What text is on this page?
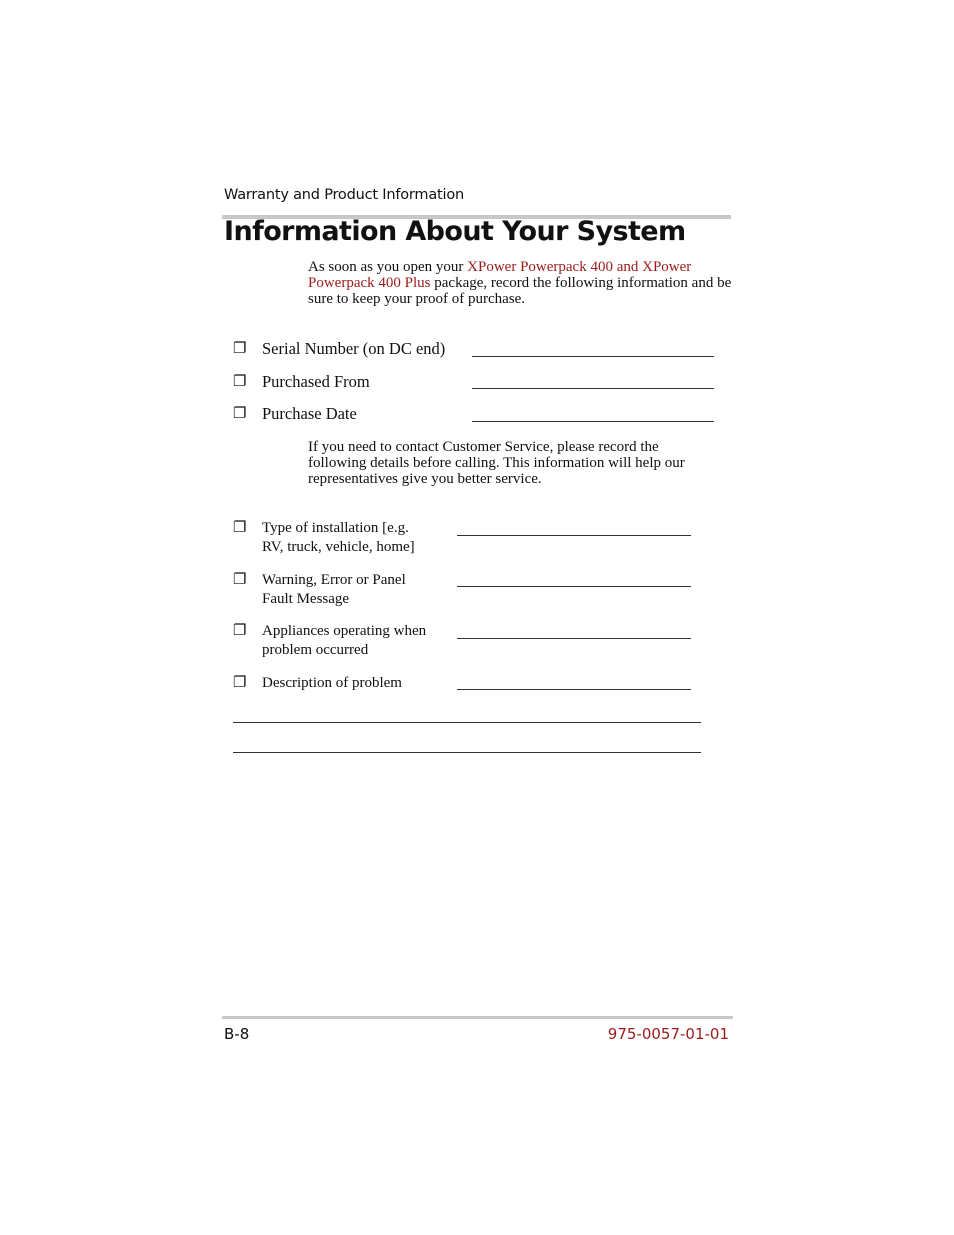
Warranty and Product Information
Information About Your System
As soon as you open your XPower Powerpack 400 and XPower Powerpack 400 Plus package, record the following information and be sure to keep your proof of purchase.
❐ Serial Number (on DC end)
❐ Purchased From
❐ Purchase Date
If you need to contact Customer Service, please record the following details before calling. This information will help our representatives give you better service.
❐ Type of installation [e.g.
RV, truck, vehicle, home]
❐ Warning, Error or Panel
Fault Message
❐ Appliances operating when
problem occurred
❐ Description of problem
B-8	975-0057-01-01
